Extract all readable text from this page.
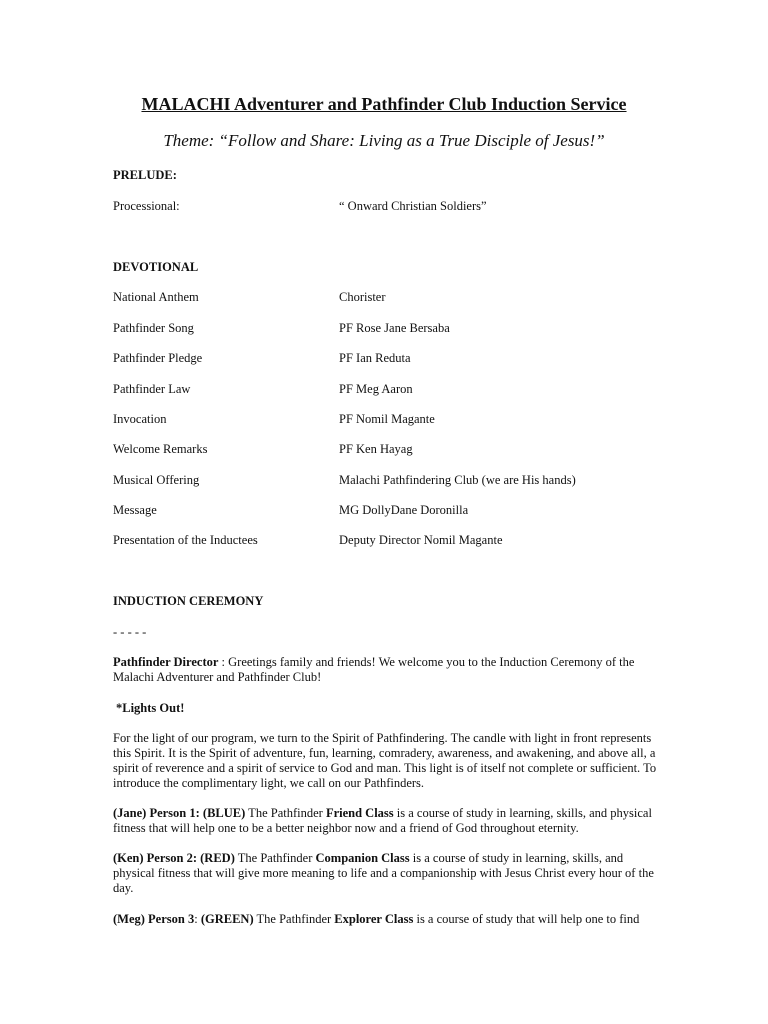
MALACHI Adventurer and Pathfinder Club Induction Service
Theme: “Follow and Share: Living as a True Disciple of Jesus!”
PRELUDE:
Processional:	“ Onward Christian Soldiers”
DEVOTIONAL
National Anthem	Chorister
Pathfinder Song	PF Rose Jane Bersaba
Pathfinder Pledge	PF Ian Reduta
Pathfinder Law	PF Meg Aaron
Invocation	PF Nomil Magante
Welcome Remarks	PF Ken Hayag
Musical Offering	Malachi Pathfindering Club (we are His hands)
Message	MG DollyDane Doronilla
Presentation of the Inductees	Deputy Director Nomil Magante
INDUCTION CEREMONY
- - - - -
Pathfinder Director : Greetings family and friends! We welcome you to the Induction Ceremony of the Malachi Adventurer and Pathfinder Club!
*Lights Out!
For the light of our program, we turn to the Spirit of Pathfindering. The candle with light in front represents this Spirit. It is the Spirit of adventure, fun, learning, comradery, awareness, and awakening, and above all, a spirit of reverence and a spirit of service to God and man. This light is of itself not complete or sufficient. To introduce the complimentary light, we call on our Pathfinders.
(Jane) Person 1: (BLUE) The Pathfinder Friend Class is a course of study in learning, skills, and physical fitness that will help one to be a better neighbor now and a friend of God throughout eternity.
(Ken) Person 2: (RED) The Pathfinder Companion Class is a course of study in learning, skills, and physical fitness that will give more meaning to life and a companionship with Jesus Christ every hour of the day.
(Meg) Person 3: (GREEN) The Pathfinder Explorer Class is a course of study that will help one to find
